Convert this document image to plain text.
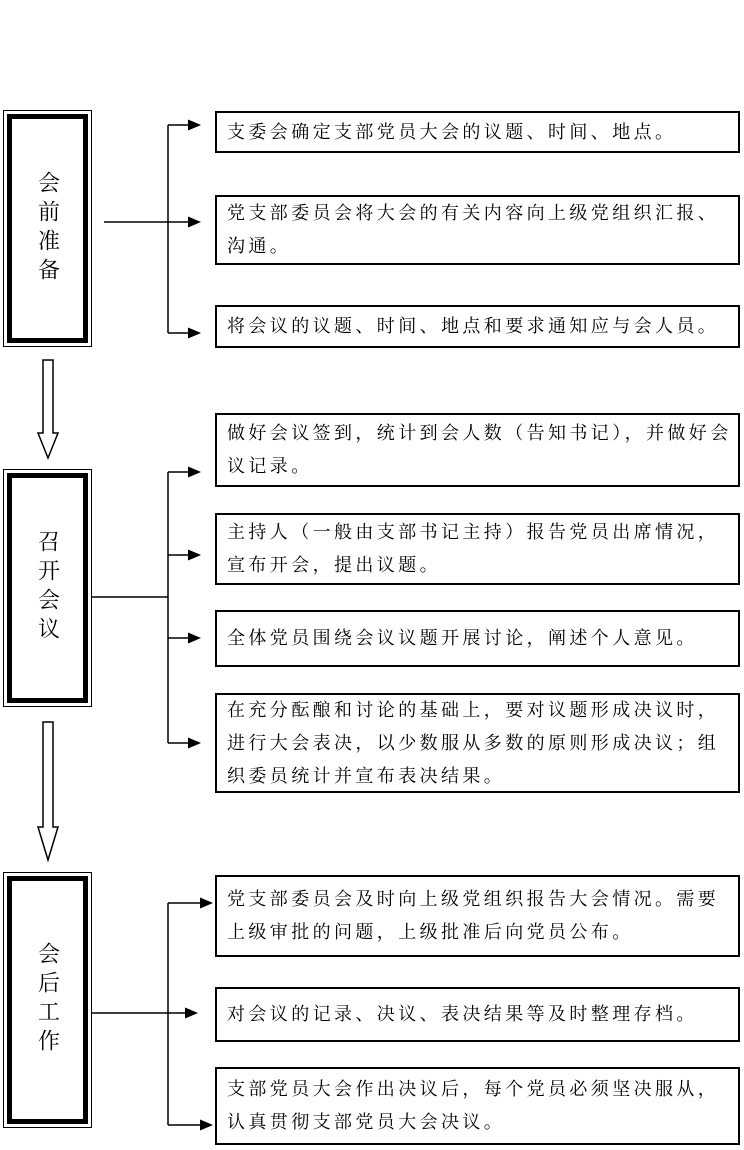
会前准备
召开会议
会后工作
支委会确定支部党员大会的议题、时间、地点。
党支部委员会将大会的有关内容向上级党组织汇报、
沟通。
将会议的议题、时间、地点和要求通知应与会人员。
做好会议签到，统计到会人数（告知书记），并做好会
议记录。
主持人（一般由支部书记主持）报告党员出席情况，
宣布开会，提出议题。
全体党员围绕会议议题开展讨论，阐述个人意见。
在充分酝酿和讨论的基础上，要对议题形成决议时，
进行大会表决，以少数服从多数的原则形成决议；组
织委员统计并宣布表决结果。
党支部委员会及时向上级党组织报告大会情况。需要
上级审批的问题，上级批准后向党员公布。
对会议的记录、决议、表决结果等及时整理存档。
支部党员大会作出决议后，每个党员必须坚决服从，
认真贯彻支部党员大会决议。
